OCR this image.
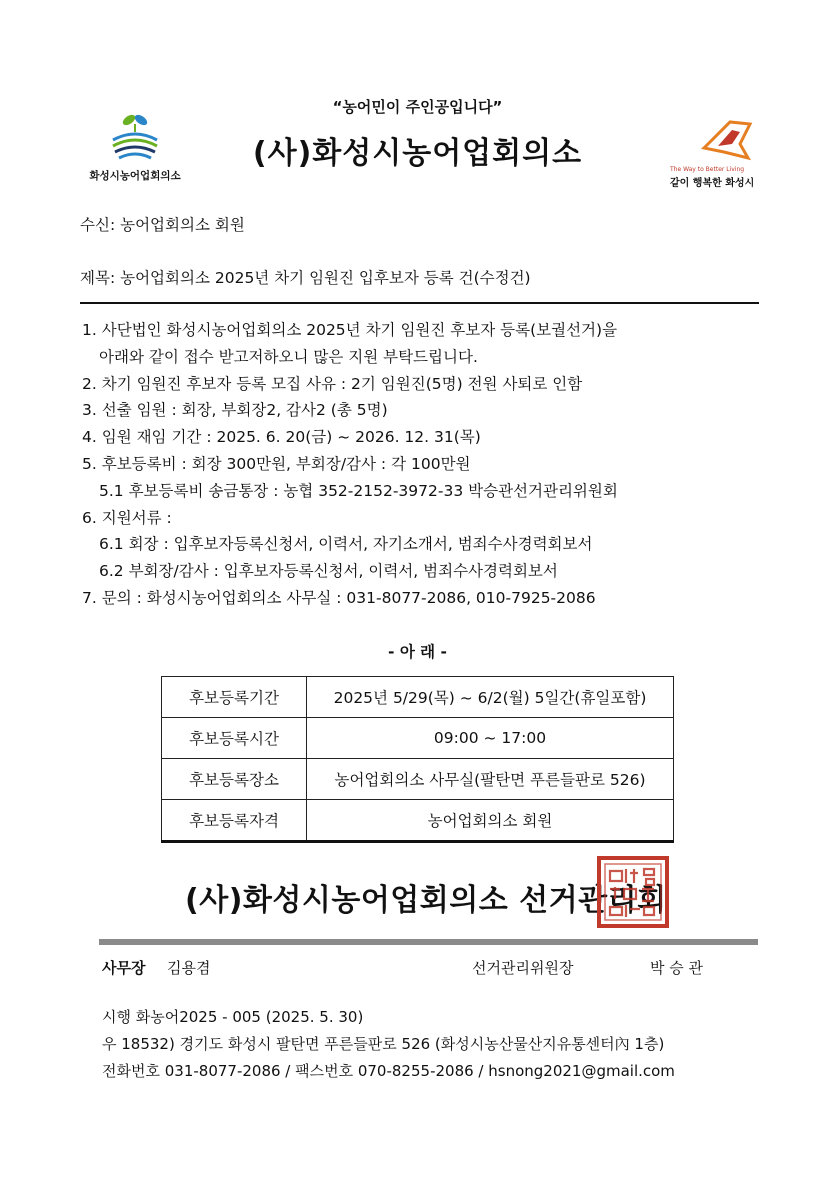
“농어민이 주인공입니다”
(사)화성시농어업회의소
화성시농어업회의소
The Way to Better Living
같이 행복한 화성시
수신: 농어업회의소 회원
제목: 농어업회의소 2025년 차기 임원진 입후보자 등록 건(수정건)
1. 사단법인 화성시농어업회의소 2025년 차기 임원진 후보자 등록(보궐선거)을
아래와 같이 접수 받고저하오니 많은 지원 부탁드립니다.
2. 차기 임원진 후보자 등록 모집 사유 : 2기 임원진(5명) 전원 사퇴로 인함
3. 선출 임원 : 회장, 부회장2, 감사2 (총 5명)
4. 임원 재임 기간 : 2025. 6. 20(금) ~ 2026. 12. 31(목)
5. 후보등록비 : 회장 300만원, 부회장/감사 : 각 100만원
5.1 후보등록비 송금통장 : 농협 352-2152-3972-33 박승관선거관리위원회
6. 지원서류 :
6.1 회장 : 입후보자등록신청서, 이력서, 자기소개서, 범죄수사경력회보서
6.2 부회장/감사 : 입후보자등록신청서, 이력서, 범죄수사경력회보서
7. 문의 : 화성시농어업회의소 사무실 : 031-8077-2086, 010-7925-2086
- 아 래 -
후보등록기간	2025년 5/29(목) ~ 6/2(월) 5일간(휴일포함)
후보등록시간	09:00 ~ 17:00
후보등록장소	농어업회의소 사무실(팔탄면 푸른들판로 526)
후보등록자격	농어업회의소 회원
(사)화성시농어업회의소 선거관리회
사무장 김용겸	선거관리위원장	박 승 관
시행 화농어2025 - 005 (2025. 5. 30)
우 18532) 경기도 화성시 팔탄면 푸른들판로 526 (화성시농산물산지유통센터內 1층)
전화번호 031-8077-2086 / 팩스번호 070-8255-2086 / hsnong2021@gmail.com
